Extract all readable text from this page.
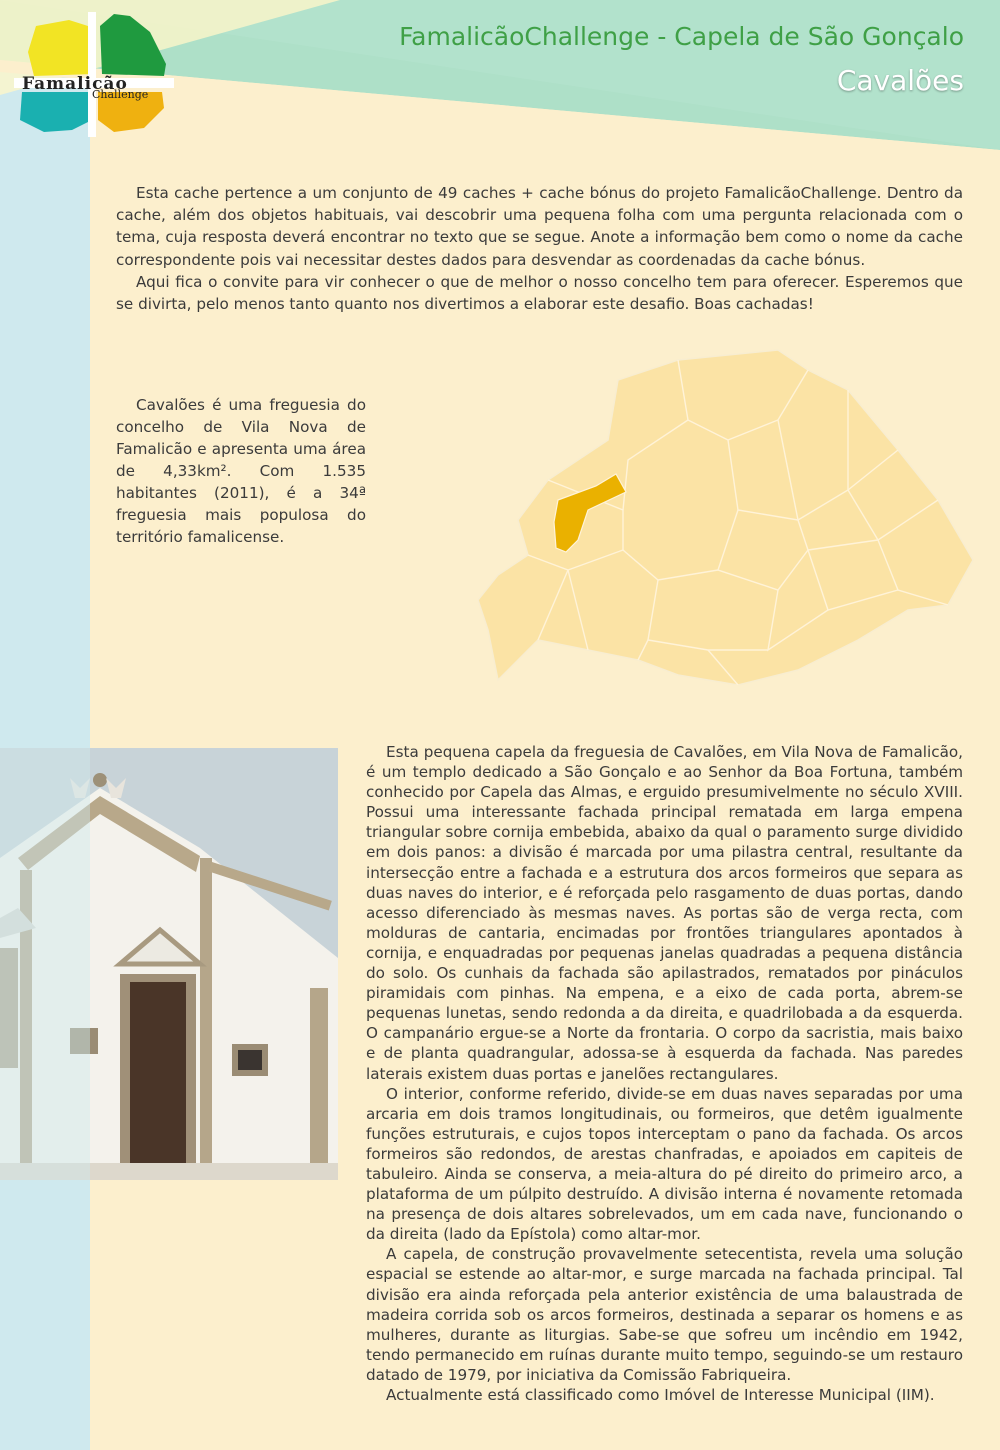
FamalicãoChallenge - Capela de São Gonçalo
Cavalões
Famalicão
Challenge

Esta cache pertence a um conjunto de 49 caches + cache bónus do projeto FamalicãoChallenge. Dentro da cache, além dos objetos habituais, vai descobrir uma pequena folha com uma pergunta relacionada com o tema, cuja resposta deverá encontrar no texto que se segue. Anote a informação bem como o nome da cache correspondente pois vai necessitar destes dados para desvendar as coordenadas da cache bónus.

Aqui fica o convite para vir conhecer o que de melhor o nosso concelho tem para oferecer. Esperemos que se divirta, pelo menos tanto quanto nos divertimos a elaborar este desafio. Boas cachadas!

Cavalões é uma freguesia do concelho de Vila Nova de Famalicão e apresenta uma área de 4,33km². Com 1.535 habitantes (2011), é a 34ª freguesia mais populosa do território famalicense.

Esta pequena capela da freguesia de Cavalões, em Vila Nova de Famalicão, é um templo dedicado a São Gonçalo e ao Senhor da Boa Fortuna, também conhecido por Capela das Almas, e erguido presumivelmente no século XVIII. Possui uma interessante fachada principal rematada em larga empena triangular sobre cornija embebida, abaixo da qual o paramento surge dividido em dois panos: a divisão é marcada por uma pilastra central, resultante da intersecção entre a fachada e a estrutura dos arcos formeiros que separa as duas naves do interior, e é reforçada pelo rasgamento de duas portas, dando acesso diferenciado às mesmas naves. As portas são de verga recta, com molduras de cantaria, encimadas por frontões triangulares apontados à cornija, e enquadradas por pequenas janelas quadradas a pequena distância do solo. Os cunhais da fachada são apilastrados, rematados por pináculos piramidais com pinhas. Na empena, e a eixo de cada porta, abrem-se pequenas lunetas, sendo redonda a da direita, e quadrilobada a da esquerda. O campanário ergue-se a Norte da frontaria. O corpo da sacristia, mais baixo e de planta quadrangular, adossa-se à esquerda da fachada. Nas paredes laterais existem duas portas e janelões rectangulares.

O interior, conforme referido, divide-se em duas naves separadas por uma arcaria em dois tramos longitudinais, ou formeiros, que detêm igualmente funções estruturais, e cujos topos interceptam o pano da fachada. Os arcos formeiros são redondos, de arestas chanfradas, e apoiados em capiteis de tabuleiro. Ainda se conserva, a meia-altura do pé direito do primeiro arco, a plataforma de um púlpito destruído. A divisão interna é novamente retomada na presença de dois altares sobrelevados, um em cada nave, funcionando o da direita (lado da Epístola) como altar-mor.

A capela, de construção provavelmente setecentista, revela uma solução espacial se estende ao altar-mor, e surge marcada na fachada principal. Tal divisão era ainda reforçada pela anterior existência de uma balaustrada de madeira corrida sob os arcos formeiros, destinada a separar os homens e as mulheres, durante as liturgias. Sabe-se que sofreu um incêndio em 1942, tendo permanecido em ruínas durante muito tempo, seguindo-se um restauro datado de 1979, por iniciativa da Comissão Fabriqueira.

Actualmente está classificado como Imóvel de Interesse Municipal (IIM).
